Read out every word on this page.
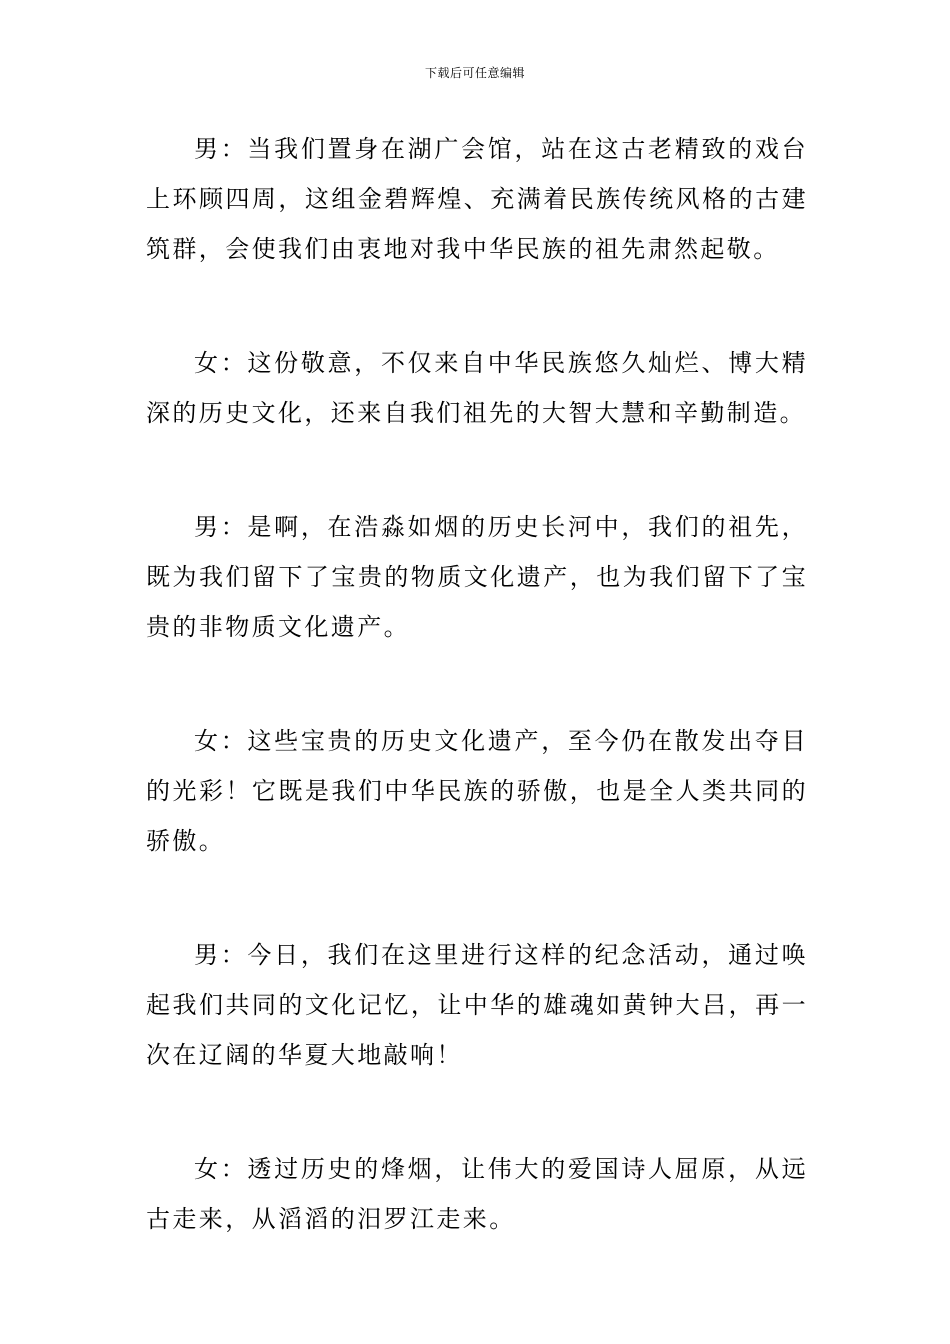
下载后可任意编辑

男：当我们置身在湖广会馆，站在这古老精致的戏台上环顾四周，这组金碧辉煌、充满着民族传统风格的古建筑群，会使我们由衷地对我中华民族的祖先肃然起敬。

女：这份敬意，不仅来自中华民族悠久灿烂、博大精深的历史文化，还来自我们祖先的大智大慧和辛勤制造。

男：是啊，在浩淼如烟的历史长河中，我们的祖先，既为我们留下了宝贵的物质文化遗产，也为我们留下了宝贵的非物质文化遗产。

女：这些宝贵的历史文化遗产，至今仍在散发出夺目的光彩！它既是我们中华民族的骄傲，也是全人类共同的骄傲。

男：今日，我们在这里进行这样的纪念活动，通过唤起我们共同的文化记忆，让中华的雄魂如黄钟大吕，再一次在辽阔的华夏大地敲响！

女：透过历史的烽烟，让伟大的爱国诗人屈原，从远古走来，从滔滔的汨罗江走来。
